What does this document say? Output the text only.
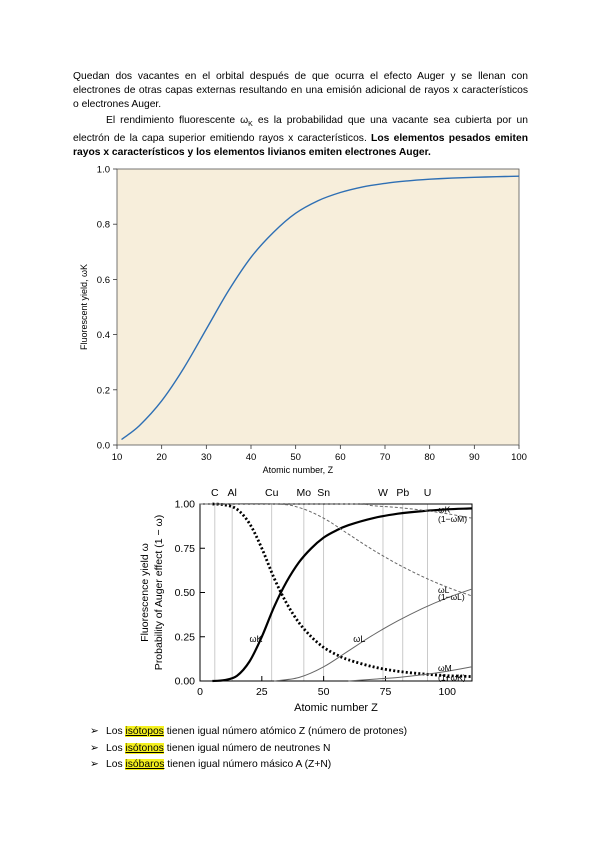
Quedan dos vacantes en el orbital después de que ocurra el efecto Auger y se llenan con electrones de otras capas externas resultando en una emisión adicional de rayos x característicos o electrones Auger.

El rendimiento fluorescente $\omega_K$ es la probabilidad que una vacante sea cubierta por un electrón de la capa superior emitiendo rayos x característicos. Los elementos pesados emiten rayos x característicos y los elementos livianos emiten electrones Auger.

10	20	30	40	50	60	70	80	90	100
0.0
0.2
0.4
0.6
0.8
1.0
Atomic number, Z
Fluorescent yield, ωK
0	25	50	75	100
0.00
0.25
0.50
0.75
1.00
C Al	Cu Mo Sn	W Pb U
ωK
(1−ωK)
ωL
(1−ωL)
ωM
(1−ωM)
ωK	ωL
Atomic number Z
Fluorescence yield ω Probability of Auger effect (1 − ω)
➢ Los isótopos tienen igual número atómico Z (número de protones)
➢ Los isótonos tienen igual número de neutrones N
➢ Los isóbaros tienen igual número másico A (Z+N)
